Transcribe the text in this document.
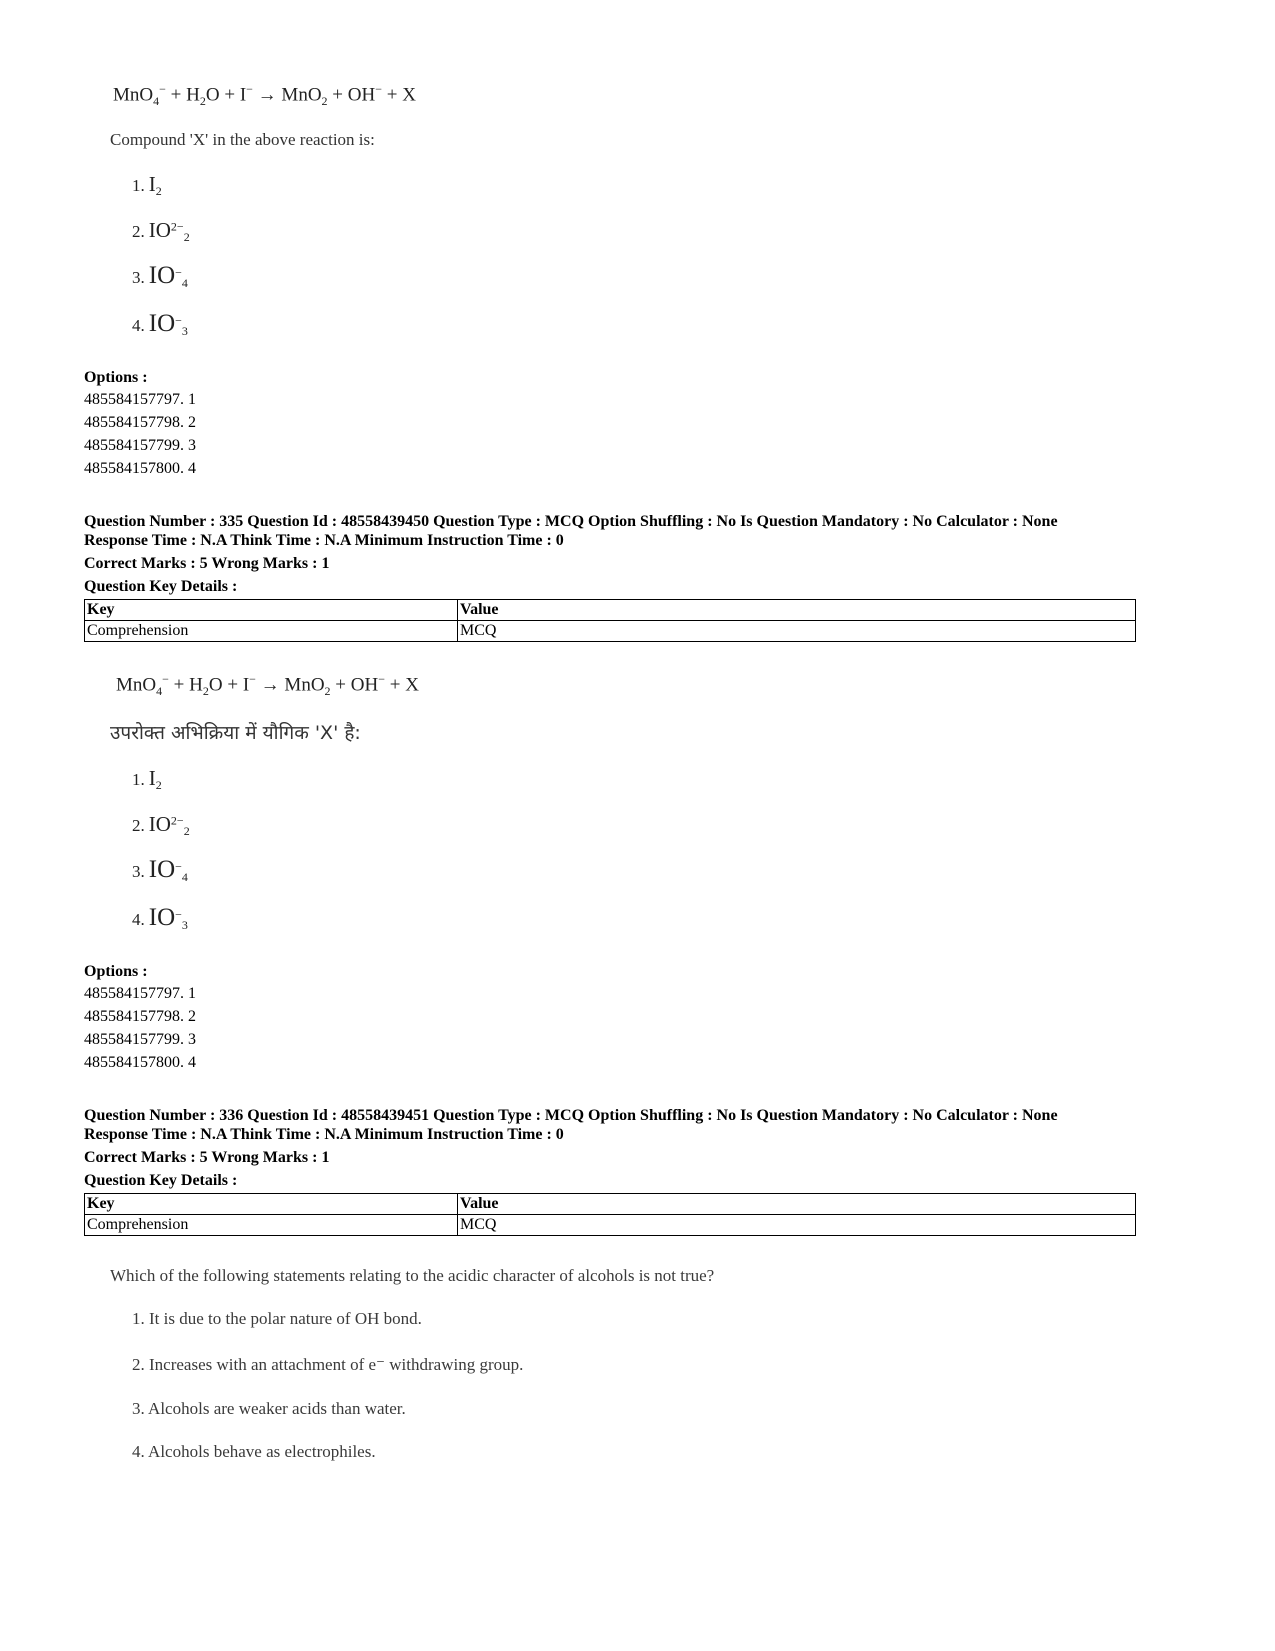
$MnO_4^- + H_2O + I^- \to MnO_2 + OH^- + X$
Compound 'X' in the above reaction is:
1. $I_2$
2. $IO^{2-}_2$
3. $IO^-_4$
4. $IO^-_3$
Options :
485584157797. 1
485584157798. 2
485584157799. 3
485584157800. 4
Question Number : 335 Question Id : 48558439450 Question Type : MCQ Option Shuffling : No Is Question Mandatory : No Calculator : None
Response Time : N.A Think Time : N.A Minimum Instruction Time : 0
Correct Marks : 5 Wrong Marks : 1
Question Key Details :
Key	Value
Comprehension	MCQ
$MnO_4^- + H_2O + I^- \to MnO_2 + OH^- + X$
उपरोक्त अभिक्रिया में यौगिक 'X' है:
1. $I_2$
2. $IO^{2-}_2$
3. $IO^-_4$
4. $IO^-_3$
Options :
485584157797. 1
485584157798. 2
485584157799. 3
485584157800. 4
Question Number : 336 Question Id : 48558439451 Question Type : MCQ Option Shuffling : No Is Question Mandatory : No Calculator : None
Response Time : N.A Think Time : N.A Minimum Instruction Time : 0
Correct Marks : 5 Wrong Marks : 1
Question Key Details :
Key	Value
Comprehension	MCQ
Which of the following statements relating to the acidic character of alcohols is not true?
1. It is due to the polar nature of OH bond.
2. Increases with an attachment of e⁻ withdrawing group.
3. Alcohols are weaker acids than water.
4. Alcohols behave as electrophiles.
